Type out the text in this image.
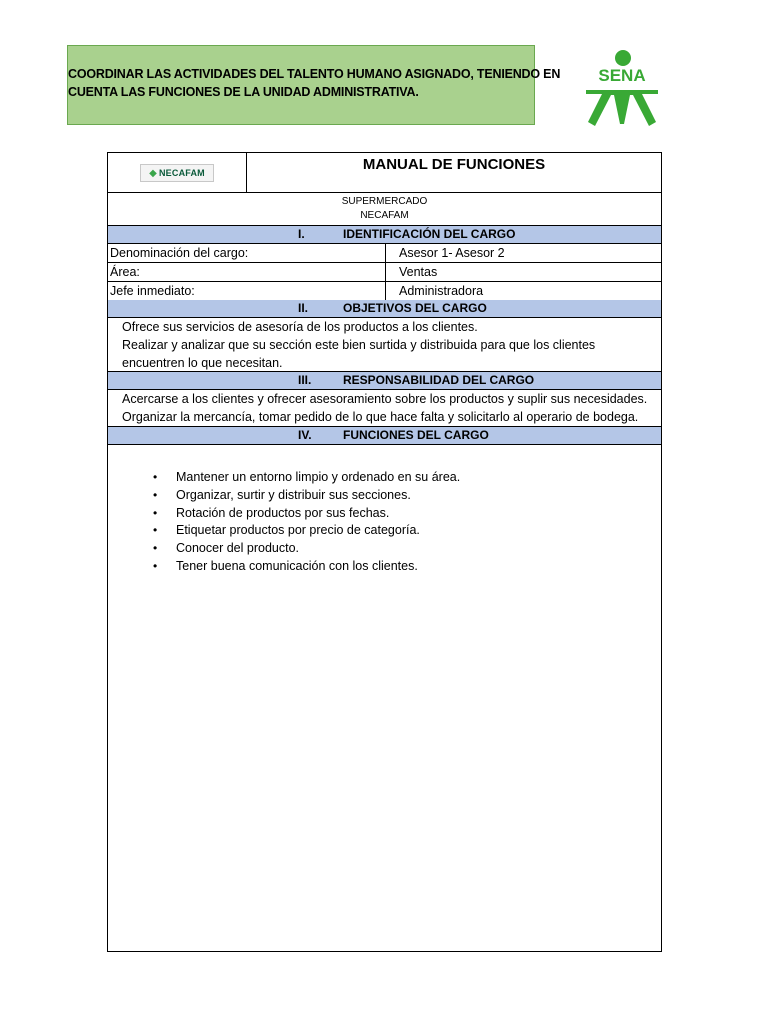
COORDINAR LAS ACTIVIDADES DEL TALENTO HUMANO ASIGNADO, TENIENDO EN
CUENTA LAS FUNCIONES DE LA UNIDAD ADMINISTRATIVA.
SENA
◆ NECAFAM	MANUAL DE FUNCIONES
SUPERMERCADO
NECAFAM
I.	IDENTIFICACIÓN DEL CARGO
Denominación del cargo:	Asesor 1- Asesor 2
Área:	Ventas
Jefe inmediato:	Administradora
II.	OBJETIVOS DEL CARGO

Ofrece sus servicios de asesoría de los productos a los clientes.

Realizar y analizar que su sección este bien surtida y distribuida para que los clientes

encuentren lo que necesitan.

III.	RESPONSABILIDAD DEL CARGO

Acercarse a los clientes y ofrecer asesoramiento sobre los productos y suplir sus necesidades.

Organizar la mercancía, tomar pedido de lo que hace falta y solicitarlo al operario de bodega.

IV.	FUNCIONES DEL CARGO
• Mantener un entorno limpio y ordenado en su área.
• Organizar, surtir y distribuir sus secciones.
• Rotación de productos por sus fechas.
• Etiquetar productos por precio de categoría.
• Conocer del producto.
• Tener buena comunicación con los clientes.
